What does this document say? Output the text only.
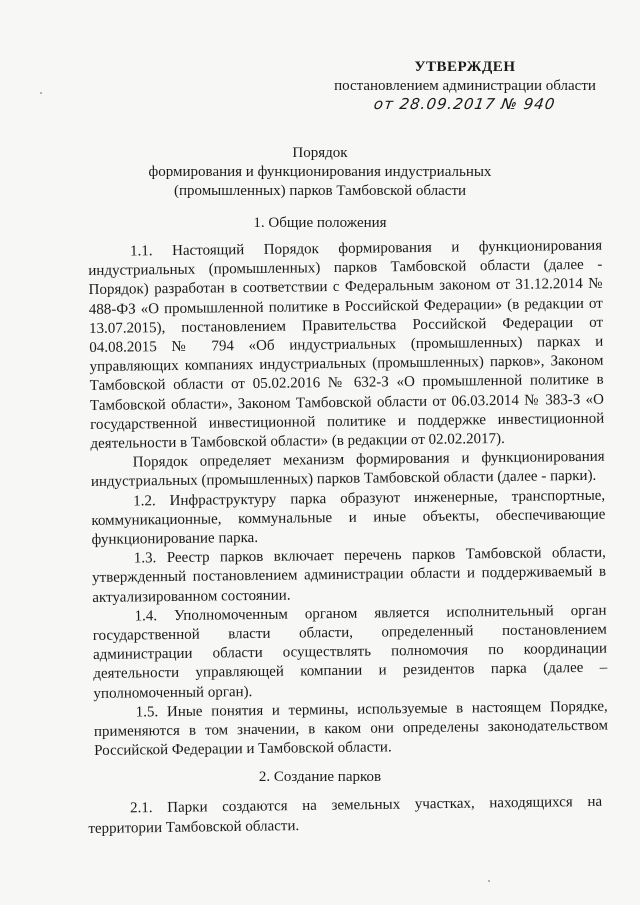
УТВЕРЖДЕН
постановлением администрации области
от 28.09.2017 № 940
Порядок
формирования и функционирования индустриальных
(промышленных) парков Тамбовской области
1. Общие положения

1.1. Настоящий Порядок формирования и функционирования индустриальных (промышленных) парков Тамбовской области (далее - Порядок) разработан в соответствии с Федеральным законом от 31.12.2014 № 488-ФЗ «О промышленной политике в Российской Федерации» (в редакции от 13.07.2015), постановлением Правительства Российской Федерации от 04.08.2015 № 794 «Об индустриальных (промышленных) парках и управляющих компаниях индустриальных (промышленных) парков», Законом Тамбовской области от 05.02.2016 № 632-З «О промышленной политике в Тамбовской области», Законом Тамбовской области от 06.03.2014 № 383-З «О государственной инвестиционной политике и поддержке инвестиционной деятельности в Тамбовской области» (в редакции от 02.02.2017).

Порядок определяет механизм формирования и функционирования индустриальных (промышленных) парков Тамбовской области (далее - парки).

1.2. Инфраструктуру парка образуют инженерные, транспортные, коммуникационные, коммунальные и иные объекты, обеспечивающие функционирование парка.

1.3. Реестр парков включает перечень парков Тамбовской области, утвержденный постановлением администрации области и поддерживаемый в актуализированном состоянии.

1.4. Уполномоченным органом является исполнительный орган государственной власти области, определенный постановлением администрации области осуществлять полномочия по координации деятельности управляющей компании и резидентов парка (далее – уполномоченный орган).

1.5. Иные понятия и термины, используемые в настоящем Порядке, применяются в том значении, в каком они определены законодательством Российской Федерации и Тамбовской области.

2. Создание парков

2.1. Парки создаются на земельных участках, находящихся на территории Тамбовской области.
